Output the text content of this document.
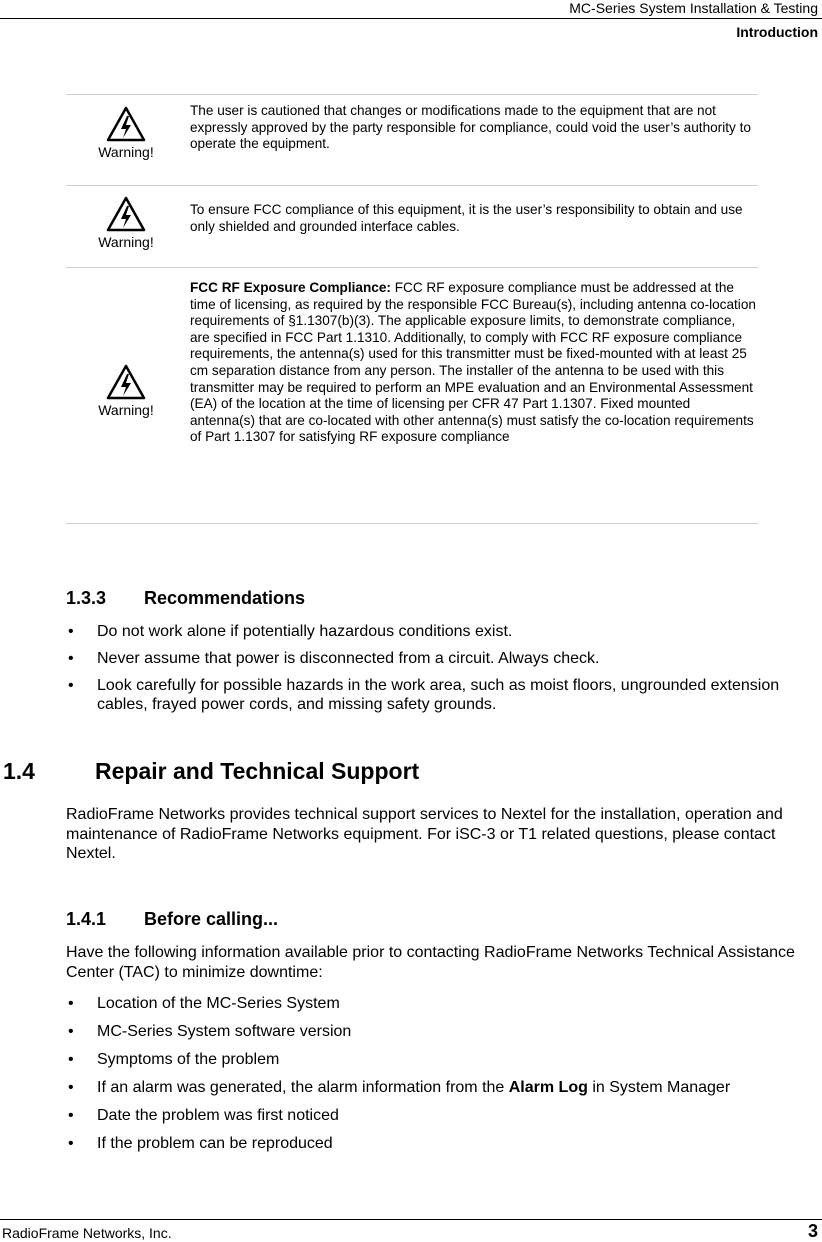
MC-Series System Installation & Testing
Introduction
Warning!
The user is cautioned that changes or modifications made to the equipment that are not expressly approved by the party responsible for compliance, could void the user’s authority to operate the equipment.
Warning!
To ensure FCC compliance of this equipment, it is the user’s responsibility to obtain and use only shielded and grounded interface cables.
Warning!
FCC RF Exposure Compliance: FCC RF exposure compliance must be addressed at the time of licensing, as required by the responsible FCC Bureau(s), including antenna co-location requirements of §1.1307(b)(3). The applicable exposure limits, to demonstrate compliance, are specified in FCC Part 1.1310. Additionally, to comply with FCC RF exposure compliance requirements, the antenna(s) used for this transmitter must be fixed-mounted with at least 25 cm separation distance from any person. The installer of the antenna to be used with this transmitter may be required to perform an MPE evaluation and an Environmental Assessment (EA) of the location at the time of licensing per CFR 47 Part 1.1307. Fixed mounted antenna(s) that are co-located with other antenna(s) must satisfy the co-location requirements of Part 1.1307 for satisfying RF exposure compliance
1.3.3 Recommendations
• Do not work alone if potentially hazardous conditions exist.
• Never assume that power is disconnected from a circuit. Always check.
• Look carefully for possible hazards in the work area, such as moist floors, ungrounded extension cables, frayed power cords, and missing safety grounds.
1.4	Repair and Technical Support
RadioFrame Networks provides technical support services to Nextel for the installation, operation and maintenance of RadioFrame Networks equipment. For iSC-3 or T1 related questions, please contact Nextel.
1.4.1 Before calling...
Have the following information available prior to contacting RadioFrame Networks Technical Assistance Center (TAC) to minimize downtime:
• Location of the MC-Series System
• MC-Series System software version
• Symptoms of the problem
• If an alarm was generated, the alarm information from the Alarm Log in System Manager
• Date the problem was first noticed
• If the problem can be reproduced
RadioFrame Networks, Inc.	3
